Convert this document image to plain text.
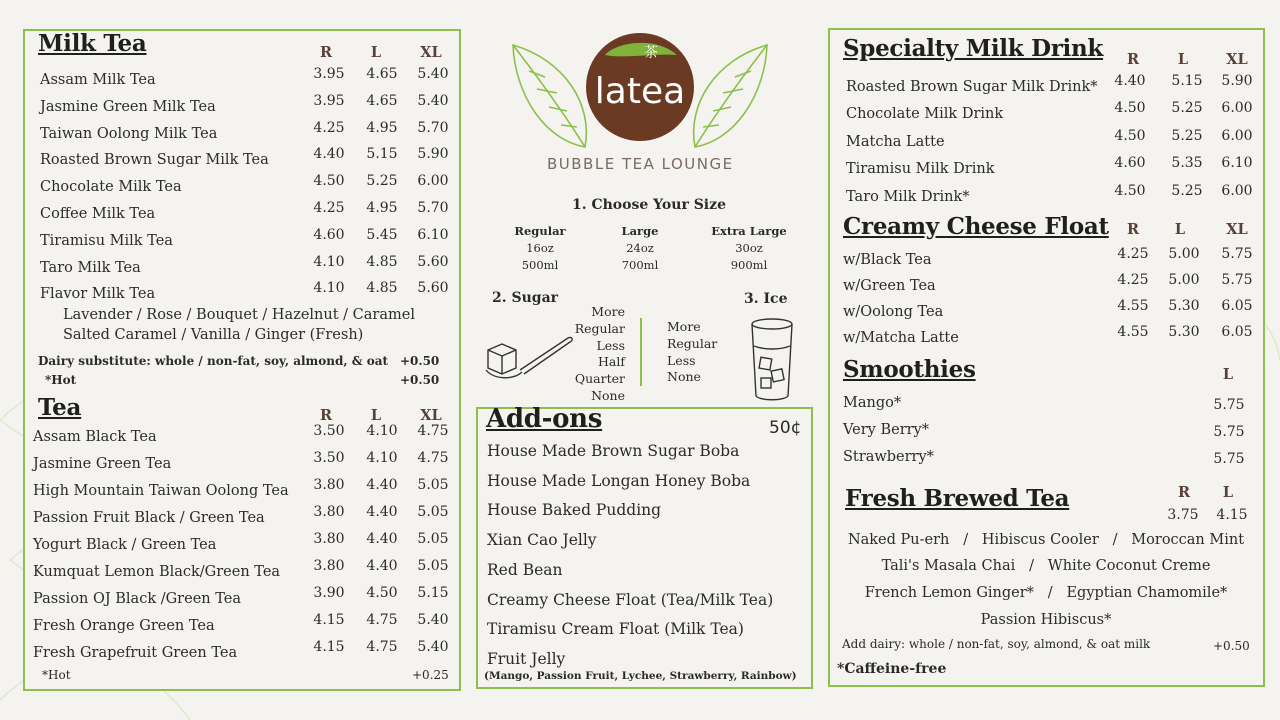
Milk Tea	R	L	XL
Assam Milk Tea	3.95	4.65	5.40
Jasmine Green Milk Tea	3.95	4.65	5.40
Taiwan Oolong Milk Tea	4.25	4.95	5.70
Roasted Brown Sugar Milk Tea	4.40	5.15	5.90
Chocolate Milk Tea	4.50	5.25	6.00
Coffee Milk Tea	4.25	4.95	5.70
Tiramisu Milk Tea	4.60	5.45	6.10
Taro Milk Tea	4.10	4.85	5.60
Flavor Milk Tea	4.10	4.85	5.60
Lavender / Rose / Bouquet / Hazelnut / Caramel
Salted Caramel / Vanilla / Ginger (Fresh)
Dairy substitute: whole / non-fat, soy, almond, & oat +0.50
*Hot	+0.50
Tea	R	L	XL
Assam Black Tea	3.50	4.10	4.75
Jasmine Green Tea	3.50	4.10	4.75
High Mountain Taiwan Oolong Tea	3.80	4.40	5.05
Passion Fruit Black / Green Tea	3.80	4.40	5.05
Yogurt Black / Green Tea	3.80	4.40	5.05
Kumquat Lemon Black/Green Tea	3.80	4.40	5.05
Passion OJ Black /Green Tea	3.90	4.50	5.15
Fresh Orange Green Tea	4.15	4.75	5.40
Fresh Grapefruit Green Tea	4.15	4.75	5.40
*Hot	+0.25
茶
latea
BUBBLE TEA LOUNGE
1. Choose Your Size
Regular
16oz
500ml
Large
24oz
700ml
Extra Large
30oz
900ml
2. Sugar
More
Regular
Less
Half
Quarter
None
More
Regular
Less
None
3. Ice
Add-ons	50¢
House Made Brown Sugar Boba
House Made Longan Honey Boba
House Baked Pudding
Xian Cao Jelly
Red Bean
Creamy Cheese Float (Tea/Milk Tea)
Tiramisu Cream Float (Milk Tea)
Fruit Jelly
(Mango, Passion Fruit, Lychee, Strawberry, Rainbow)
Specialty Milk Drink	R	L	XL
Roasted Brown Sugar Milk Drink*	4.40	5.15	5.90
Chocolate Milk Drink	4.50	5.25	6.00
Matcha Latte	4.50	5.25	6.00
Tiramisu Milk Drink	4.60	5.35	6.10
Taro Milk Drink*	4.50	5.25	6.00
Creamy Cheese Float	R	L	XL
w/Black Tea	4.25	5.00	5.75
w/Green Tea	4.25	5.00	5.75
w/Oolong Tea	4.55	5.30	6.05
w/Matcha Latte	4.55	5.30	6.05
Smoothies	L
Mango*	5.75
Very Berry*	5.75
Strawberry*	5.75
Fresh Brewed Tea	R	L
3.75	4.15
Naked Pu-erh   /   Hibiscus Cooler   /   Moroccan Mint
Tali's Masala Chai   /   White Coconut Creme
French Lemon Ginger*   /   Egyptian Chamomile*
Passion Hibiscus*
Add dairy: whole / non-fat, soy, almond, & oat milk	+0.50
*Caffeine-free
